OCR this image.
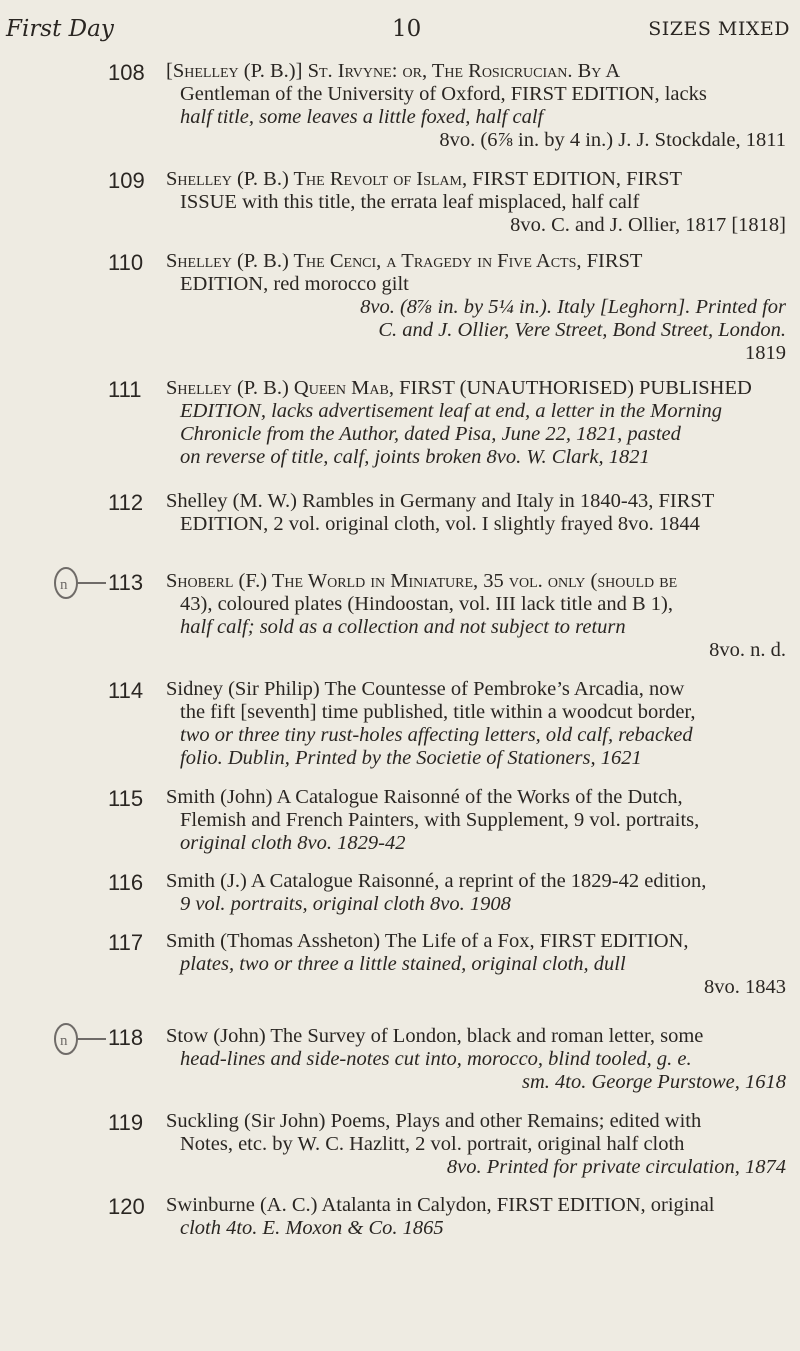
First Day	10	SIZES MIXED
108 [Shelley (P. B.)] St. Irvyne: or, The Rosicrucian. By A
Gentleman of the University of Oxford, FIRST EDITION, lacks
half title, some leaves a little foxed, half calf
8vo. (6⅞ in. by 4 in.) J. J. Stockdale, 1811
109 Shelley (P. B.) The Revolt of Islam, FIRST EDITION, FIRST
ISSUE with this title, the errata leaf misplaced, half calf
8vo. C. and J. Ollier, 1817 [1818]
110 Shelley (P. B.) The Cenci, a Tragedy in Five Acts, FIRST
EDITION, red morocco gilt
8vo. (8⅞ in. by 5¼ in.). Italy [Leghorn]. Printed for
C. and J. Ollier, Vere Street, Bond Street, London.
1819
111 Shelley (P. B.) Queen Mab, FIRST (UNAUTHORISED) PUBLISHED
EDITION, lacks advertisement leaf at end, a letter in the Morning
Chronicle from the Author, dated Pisa, June 22, 1821, pasted
on reverse of title, calf, joints broken 8vo. W. Clark, 1821
112 Shelley (M. W.) Rambles in Germany and Italy in 1840-43, FIRST
EDITION, 2 vol. original cloth, vol. I slightly frayed 8vo. 1844
n 113 Shoberl (F.) The World in Miniature, 35 vol. only (should be
43), coloured plates (Hindoostan, vol. III lack title and B 1),
half calf; sold as a collection and not subject to return
8vo. n. d.
114 Sidney (Sir Philip) The Countesse of Pembroke’s Arcadia, now
the fift [seventh] time published, title within a woodcut border,
two or three tiny rust-holes affecting letters, old calf, rebacked
folio. Dublin, Printed by the Societie of Stationers, 1621
115 Smith (John) A Catalogue Raisonné of the Works of the Dutch,
Flemish and French Painters, with Supplement, 9 vol. portraits,
original cloth 8vo. 1829-42
116 Smith (J.) A Catalogue Raisonné, a reprint of the 1829-42 edition,
9 vol. portraits, original cloth 8vo. 1908
117 Smith (Thomas Assheton) The Life of a Fox, FIRST EDITION,
plates, two or three a little stained, original cloth, dull
8vo. 1843
n 118 Stow (John) The Survey of London, black and roman letter, some
head-lines and side-notes cut into, morocco, blind tooled, g. e.
sm. 4to. George Purstowe, 1618
119 Suckling (Sir John) Poems, Plays and other Remains; edited with
Notes, etc. by W. C. Hazlitt, 2 vol. portrait, original half cloth
8vo. Printed for private circulation, 1874
120 Swinburne (A. C.) Atalanta in Calydon, FIRST EDITION, original
cloth 4to. E. Moxon & Co. 1865
